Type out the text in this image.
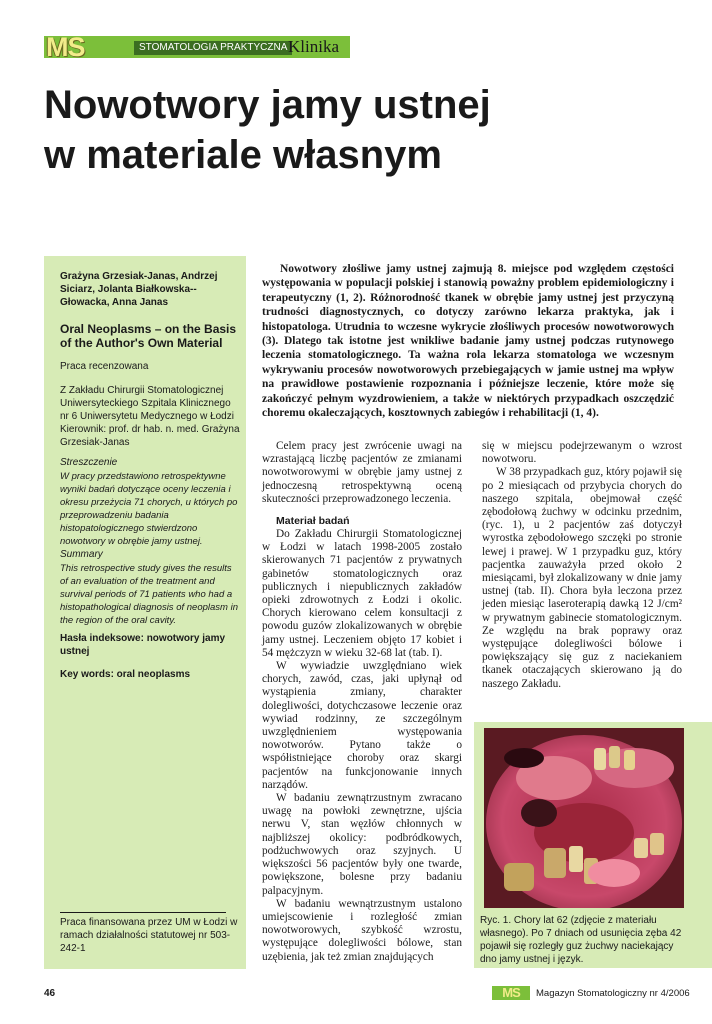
MS	STOMATOLOGIA PRAKTYCZNA Klinika
Nowotwory jamy ustnej
w materiale własnym
Grażyna Grzesiak-Janas, Andrzej Siciarz, Jolanta Białkowska--Głowacka, Anna Janas
Oral Neoplasms – on the Basis of the Author's Own Material
Praca recenzowana
Z Zakładu Chirurgii Stomatologicznej Uniwersyteckiego Szpitala Klinicznego nr 6 Uniwersytetu Medycznego w Łodzi Kierownik: prof. dr hab. n. med. Grażyna Grzesiak-Janas
Streszczenie
W pracy przedstawiono retrospektywne wyniki badań dotyczące oceny leczenia i okresu przeżycia 71 chorych, u których po przeprowadzeniu badania histopatologicznego stwierdzono nowotwory w obrębie jamy ustnej.
Summary
This retrospective study gives the results of an evaluation of the treatment and survival periods of 71 patients who had a histopathological diagnosis of neoplasm in the region of the oral cavity.
Hasła indeksowe: nowotwory jamy ustnej
Key words: oral neoplasms
Praca finansowana przez UM w Łodzi w ramach działalności statutowej nr 503-242-1
Nowotwory złośliwe jamy ustnej zajmują 8. miejsce pod względem częstości występowania w populacji polskiej i stanowią poważny problem epidemiologiczny i terapeutyczny (1, 2). Różnorodność tkanek w obrębie jamy ustnej jest przyczyną trudności diagnostycznych, co dotyczy zarówno lekarza praktyka, jak i histopatologa. Utrudnia to wczesne wykrycie złośliwych procesów nowotworowych (3). Dlatego tak istotne jest wnikliwe badanie jamy ustnej podczas rutynowego leczenia stomatologicznego. Ta ważna rola lekarza stomatologa we wczesnym wykrywaniu procesów nowotworowych przebiegających w jamie ustnej ma wpływ na prawidłowe postawienie rozpoznania i późniejsze leczenie, które może się zakończyć pełnym wyzdrowieniem, a także w niektórych przypadkach oszczędzić choremu okaleczających, kosztownych zabiegów i rehabilitacji (1, 4).

Celem pracy jest zwrócenie uwagi na wzrastającą liczbę pacjentów ze zmianami nowotworowymi w obrębie jamy ustnej z jednoczesną retrospektywną oceną skuteczności przeprowadzonego leczenia.

Materiał badań

Do Zakładu Chirurgii Stomatologicznej w Łodzi w latach 1998-2005 zostało skierowanych 71 pacjentów z prywatnych gabinetów stomatologicznych oraz publicznych i niepublicznych zakładów opieki zdrowotnych z Łodzi i okolic. Chorych kierowano celem konsultacji z powodu guzów zlokalizowanych w obrębie jamy ustnej. Leczeniem objęto 17 kobiet i 54 mężczyzn w wieku 32-68 lat (tab. I).

W wywiadzie uwzględniano wiek chorych, zawód, czas, jaki upłynął od wystąpienia zmiany, charakter dolegliwości, dotychczasowe leczenie oraz wywiad rodzinny, ze szczególnym uwzględnieniem występowania nowotworów. Pytano także o współistniejące choroby oraz skargi pacjentów na funkcjonowanie innych narządów.

W badaniu zewnątrzustnym zwracano uwagę na powłoki zewnętrzne, ujścia nerwu V, stan węzłów chłonnych w najbliższej okolicy: podbródkowych, podżuchwowych oraz szyjnych. U większości 56 pacjentów były one twarde, powiększone, bolesne przy badaniu palpacyjnym.

W badaniu wewnątrzustnym ustalono umiejscowienie i rozległość zmian nowotworowych, szybkość wzrostu, występujące dolegliwości bólowe, stan uzębienia, jak też zmian znajdujących

się w miejscu podejrzewanym o wzrost nowotworu.

W 38 przypadkach guz, który pojawił się po 2 miesiącach od przybycia chorych do naszego szpitala, obejmował część zębodołową żuchwy w odcinku przednim, (ryc. 1), u 2 pacjentów zaś dotyczył wyrostka zębodołowego szczęki po stronie lewej i prawej. W 1 przypadku guz, który pacjentka zauważyła przed około 2 miesiącami, był zlokalizowany w dnie jamy ustnej (tab. II). Chora była leczona przez jeden miesiąc laseroterapią dawką 12 J/cm² w prywatnym gabinecie stomatologicznym. Ze względu na brak poprawy oraz występujące dolegliwości bólowe i powiększający się guz z naciekaniem tkanek otaczających skierowano ją do naszego Zakładu.

Ryc. 1. Chory lat 62 (zdjęcie z materiału własnego). Po 7 dniach od usunięcia zęba 42 pojawił się rozległy guz żuchwy naciekający dno jamy ustnej i język.
46	MS	Magazyn Stomatologiczny nr 4/2006
